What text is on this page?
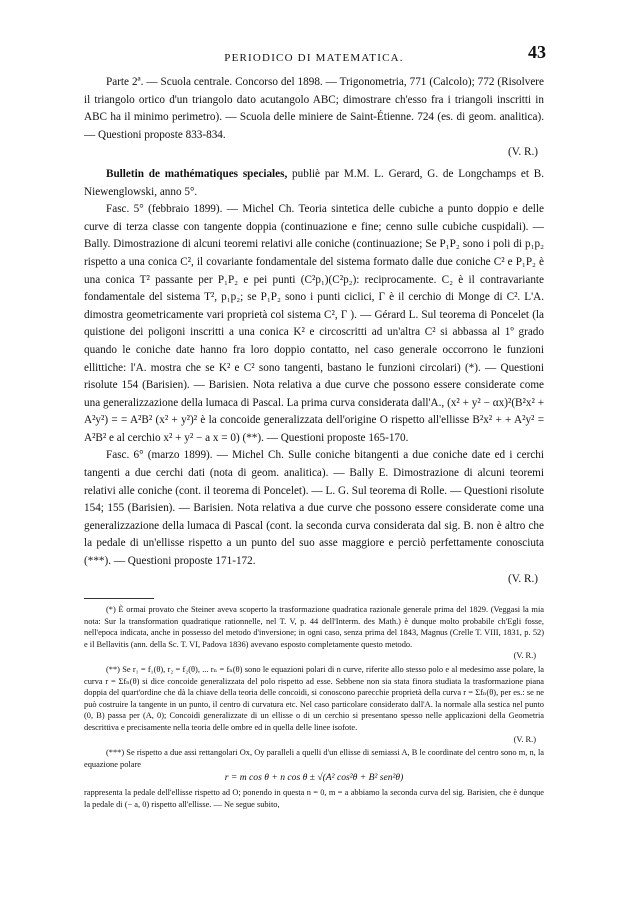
PERIODICO DI MATEMATICA.	43

Parte 2ª. — Scuola centrale. Concorso del 1898. — Trigonometria, 771 (Calcolo); 772 (Risolvere il triangolo ortico d'un triangolo dato acutangolo ABC; dimostrare ch'esso fra i triangoli inscritti in ABC ha il minimo perimetro). — Scuola delle miniere de Saint-Étienne. 724 (es. di geom. analitica). — Questioni proposte 833-834.

(V. R.)

Bulletin de mathématiques speciales, publiè par M.M. L. Gerard, G. de Longchamps et B. Niewenglowski, anno 5°.

Fasc. 5° (febbraio 1899). — Michel Ch. Teoria sintetica delle cubiche a punto doppio e delle curve di terza classe con tangente doppia (continuazione e fine; cenno sulle cubiche cuspidali). — Bally. Dimostrazione di alcuni teoremi relativi alle coniche (continuazione; Se P₁P₂ sono i poli di p₁p₂ rispetto a una conica C², il covariante fondamentale del sistema formato dalle due coniche C² e P₁P₂ è una conica T² passante per P₁P₂ e pei punti (C²p₁)(C²p₂): reciprocamente. C₂ è il contravariante fondamentale del sistema T², p₁p₂; se P₁P₂ sono i punti ciclici, Γ è il cerchio di Monge di C². L'A. dimostra geometricamente vari proprietà col sistema C², Γ ). — Gérard L. Sul teorema di Poncelet (la quistione dei poligoni inscritti a una conica K² e circoscritti ad un'altra C² si abbassa al 1º grado quando le coniche date hanno fra loro doppio contatto, nel caso generale occorrono le funzioni ellittiche: l'A. mostra che se K² e C² sono tangenti, bastano le funzioni circolari) (*). — Questioni risolute 154 (Barisien). — Barisien. Nota relativa a due curve che possono essere considerate come una generalizzazione della lumaca di Pascal. La prima curva considerata dall'A., (x² + y² − αx)²(B²x² + A²y²) = = A²B² (x² + y²)² è la concoide generalizzata dell'origine O rispetto all'ellisse B²x² + + A²y² = A²B² e al cerchio x² + y² − a x = 0) (**). — Questioni proposte 165-170.

Fasc. 6° (marzo 1899). — Michel Ch. Sulle coniche bitangenti a due coniche date ed i cerchi tangenti a due cerchi dati (nota di geom. analitica). — Bally E. Dimostrazione di alcuni teoremi relativi alle coniche (cont. il teorema di Poncelet). — L. G. Sul teorema di Rolle. — Questioni risolute 154; 155 (Barisien). — Barisien. Nota relativa a due curve che possono essere considerate come una generalizzazione della lumaca di Pascal (cont. la seconda curva considerata dal sig. B. non è altro che la pedale di un'ellisse rispetto a un punto del suo asse maggiore e perciò perfettamente conosciuta (***). — Questioni proposte 171-172.

(V. R.)

(*) È ormai provato che Steiner aveva scoperto la trasformazione quadratica razionale generale prima del 1829. (Veggasi la mia nota: Sur la transformation quadratique rationnelle, nel T. V, p. 44 dell'Interm. des Math.) è dunque molto probabile ch'Egli fosse, nell'epoca indicata, anche in possesso del metodo d'inversione; in ogni caso, senza prima del 1843, Magnus (Crelle T. VIII, 1831, p. 52) e il Bellavitis (ann. della Sc. T. VI, Padova 1836) avevano esposto completamente questo metodo.

(V. R.)

(**) Se r₁ = f₁(θ), r₂ = f₂(θ), ... rₙ = fₙ(θ) sono le equazioni polari di n curve, riferite allo stesso polo e al medesimo asse polare, la curva r = Σfₙ(θ) si dice concoide generalizzata del polo rispetto ad esse. Sebbene non sia stata finora studiata la trasformazione piana doppia del quart'ordine che dà la chiave della teoria delle concoidi, si conoscono parecchie proprietà della curva r = Σfₙ(θ), per es.: se ne può costruire la tangente in un punto, il centro di curvatura etc. Nel caso particolare considerato dall'A. la normale alla sestica nel punto (0, B) passa per (A, 0); Concoidi generalizzate di un ellisse o di un cerchio si presentano spesso nelle applicazioni della Geometria descrittiva e precisamente nella teoria delle ombre ed in quella delle linee isofote.

(V. R.)

(***) Se rispetto a due assi rettangolari Ox, Oy paralleli a quelli d'un ellisse di semiassi A, B le coordinate del centro sono m, n, la equazione polare

r = m cos θ + n cos θ ± √(A² cos²θ + B² sen²θ)

rappresenta la pedale dell'ellisse rispetto ad O; ponendo in questa n = 0, m = a abbiamo la seconda curva del sig. Barisien, che è dunque la pedale di (− a, 0) rispetto all'ellisse. — Ne segue subito,
